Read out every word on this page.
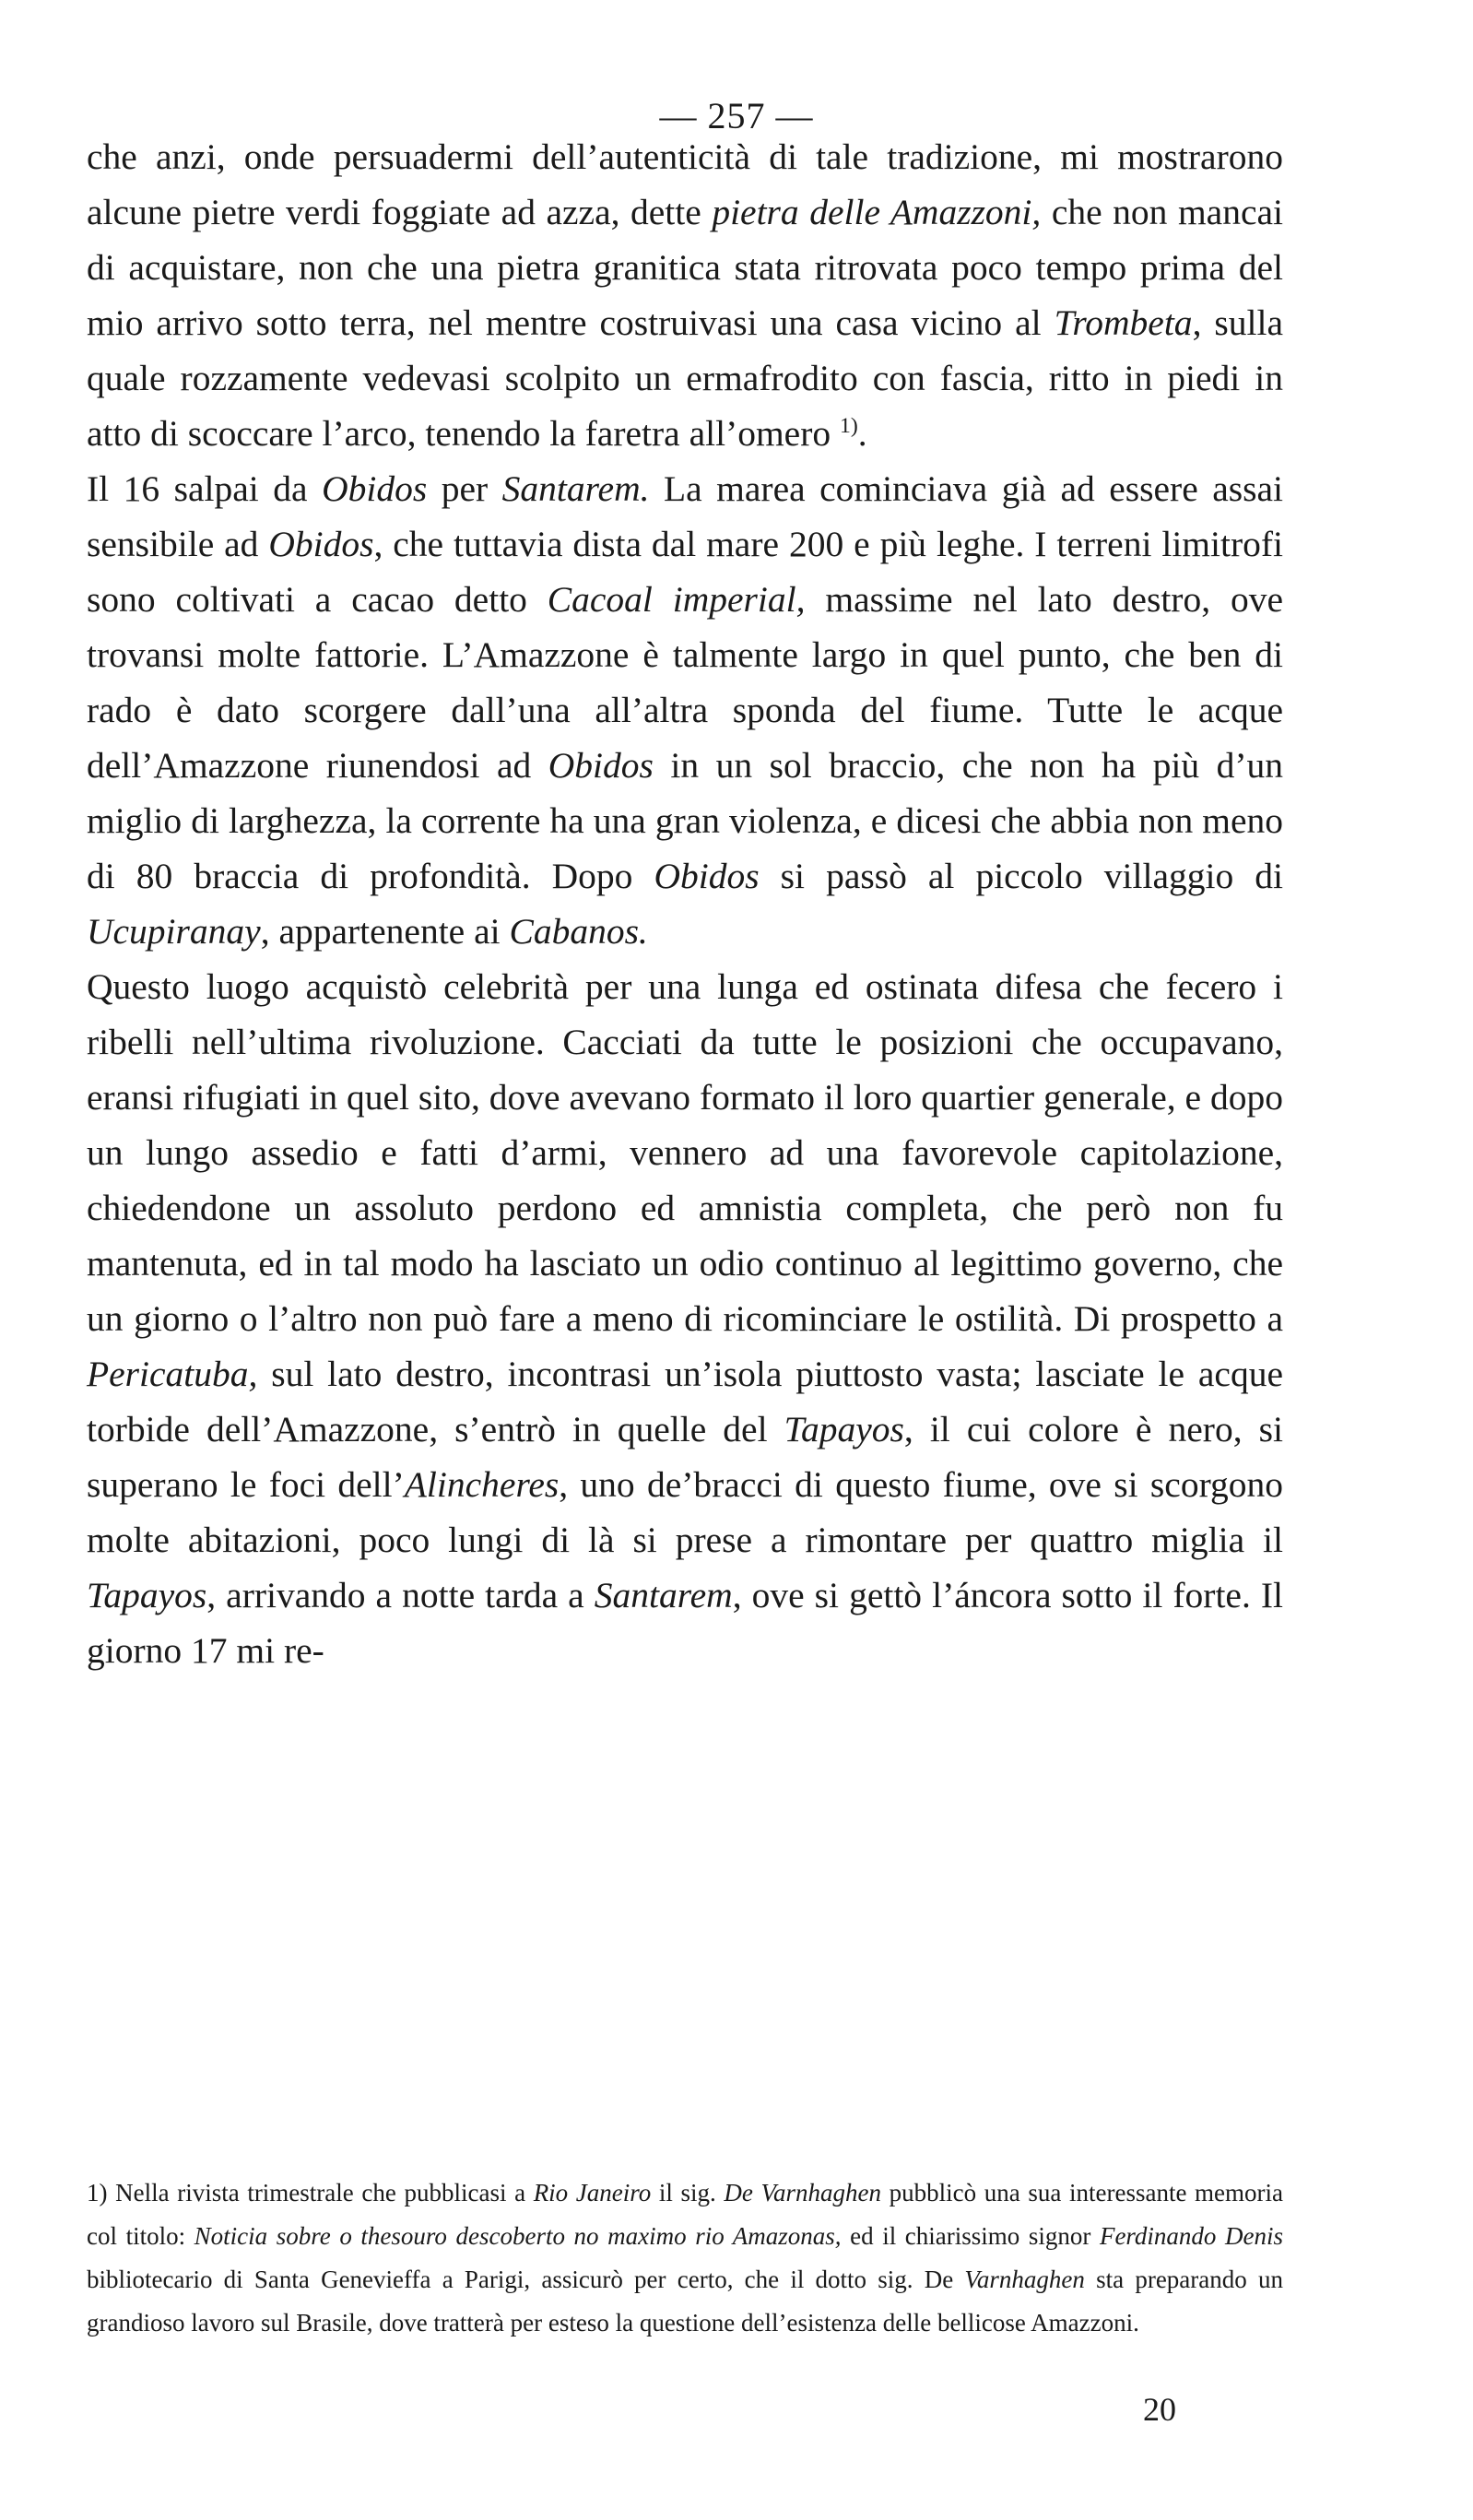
— 257 —

che anzi, onde persuadermi dell’autenticità di tale tradizione, mi mostrarono alcune pietre verdi foggiate ad azza, dette pietra delle Amazzoni, che non mancai di acquistare, non che una pietra granitica stata ritrovata poco tempo prima del mio arrivo sotto terra, nel mentre costruivasi una casa vicino al Trombeta, sulla quale rozzamente vedevasi scolpito un ermafrodito con fascia, ritto in piedi in atto di scoccare l’arco, tenendo la faretra all’omero $^{1)}$.

Il 16 salpai da Obidos per Santarem. La marea cominciava già ad essere assai sensibile ad Obidos, che tuttavia dista dal mare 200 e più leghe. I terreni limitrofi sono coltivati a cacao detto Cacoal imperial, massime nel lato destro, ove trovansi molte fattorie. L’Amazzone è talmente largo in quel punto, che ben di rado è dato scorgere dall’una all’altra sponda del fiume. Tutte le acque dell’Amazzone riunendosi ad Obidos in un sol braccio, che non ha più d’un miglio di larghezza, la corrente ha una gran violenza, e dicesi che abbia non meno di 80 braccia di profondità. Dopo Obidos si passò al piccolo villaggio di Ucupiranay, appartenente ai Cabanos.

Questo luogo acquistò celebrità per una lunga ed ostinata difesa che fecero i ribelli nell’ultima rivoluzione. Cacciati da tutte le posizioni che occupavano, eransi rifugiati in quel sito, dove avevano formato il loro quartier generale, e dopo un lungo assedio e fatti d’armi, vennero ad una favorevole capitolazione, chiedendone un assoluto perdono ed amnistia completa, che però non fu mantenuta, ed in tal modo ha lasciato un odio continuo al legittimo governo, che un giorno o l’altro non può fare a meno di ricominciare le ostilità. Di prospetto a Pericatuba, sul lato destro, incontrasi un’isola piuttosto vasta; lasciate le acque torbide dell’Amazzone, s’entrò in quelle del Tapayos, il cui colore è nero, si superano le foci dell’Alincheres, uno de’bracci di questo fiume, ove si scorgono molte abitazioni, poco lungi di là si prese a rimontare per quattro miglia il Tapayos, arrivando a notte tarda a Santarem, ove si gettò l’áncora sotto il forte. Il giorno 17 mi re-

1) Nella rivista trimestrale che pubblicasi a Rio Janeiro il sig. De Varnhaghen pubblicò una sua interessante memoria col titolo: Noticia sobre o thesouro descoberto no maximo rio Amazonas, ed il chiarissimo signor Ferdinando Denis bibliotecario di Santa Genevieffa a Parigi, assicurò per certo, che il dotto sig. De Varnhaghen sta preparando un grandioso lavoro sul Brasile, dove tratterà per esteso la questione dell’esistenza delle bellicose Amazzoni.

20
